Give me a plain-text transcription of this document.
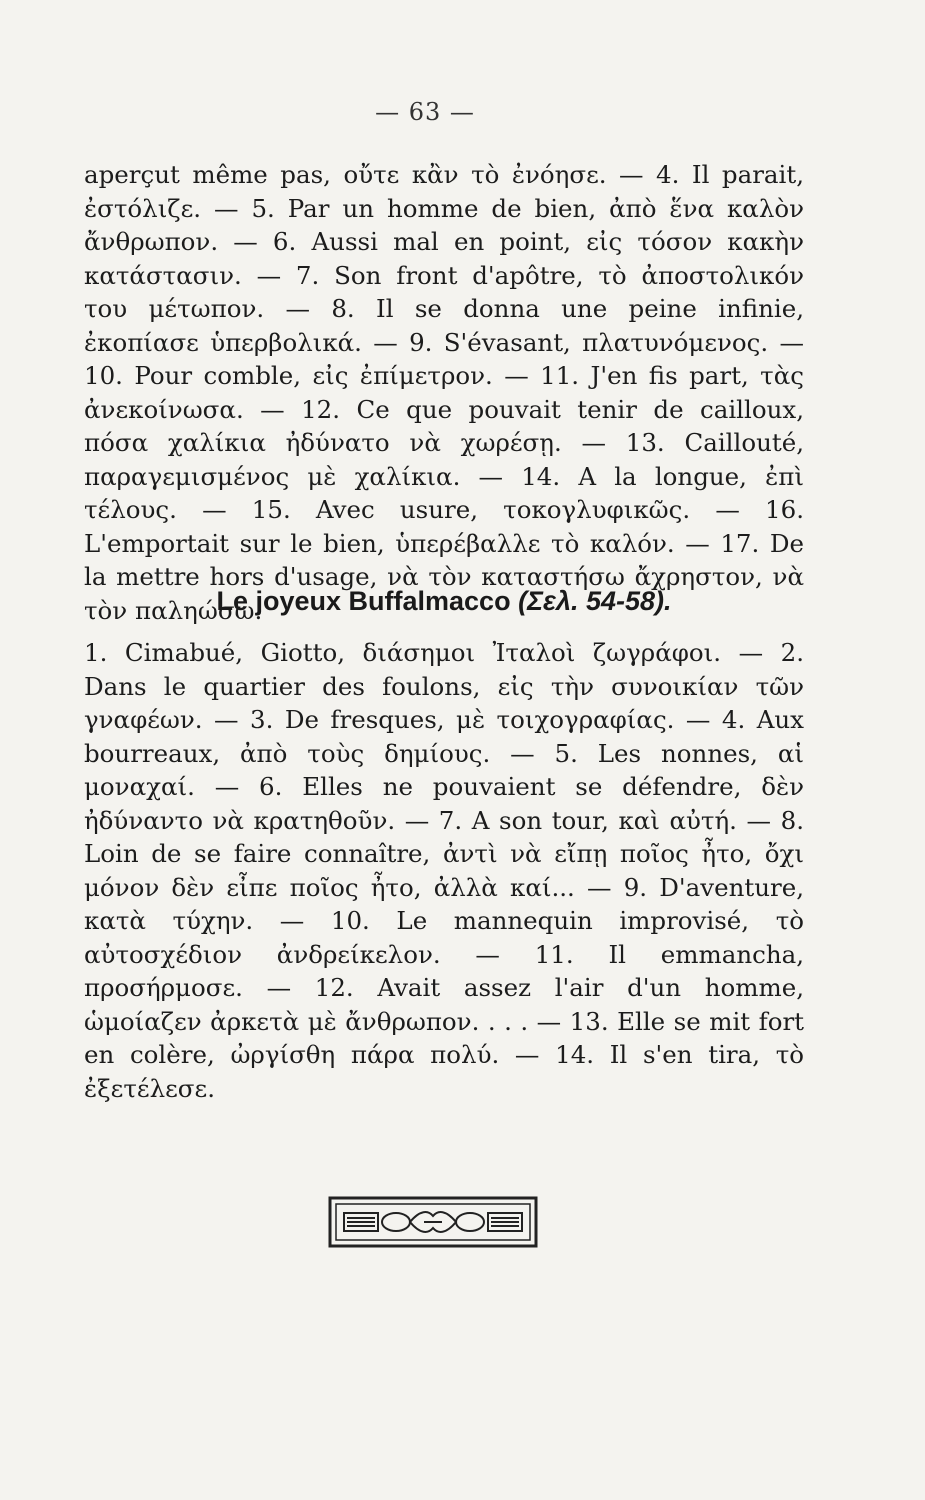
— 63 —

aperçut même pas, οὔτε κἂν τὸ ἐνόησε. — 4. Il parait, ἐστόλιζε. — 5. Par un homme de bien, ἀπὸ ἕνα καλὸν ἄνθρωπον. — 6. Aussi mal en point, εἰς τόσον κακὴν κατάστασιν. — 7. Son front d'apôtre, τὸ ἀποστολικόν του μέτωπον. — 8. Il se donna une peine infinie, ἐκοπίασε ὑπερβολικά. — 9. S'évasant, πλατυνόμενος. — 10. Pour comble, εἰς ἐπίμετρον. — 11. J'en fis part, τὰς ἀνεκοίνωσα. — 12. Ce que pouvait tenir de cailloux, πόσα χαλίκια ἠδύνατο νὰ χωρέσῃ. — 13. Caillouté, παραγεμισμένος μὲ χαλίκια. — 14. A la longue, ἐπὶ τέλους. — 15. Avec usure, τοκογλυφικῶς. — 16. L'emportait sur le bien, ὑπερέβαλλε τὸ καλόν. — 17. De la mettre hors d'usage, νὰ τὸν καταστήσω ἄχρηστον, νὰ τὸν παληώσω.

Le joyeux Buffalmacco (Σελ. 54-58).

1. Cimabué, Giotto, διάσημοι Ἰταλοὶ ζωγράφοι. — 2. Dans le quartier des foulons, εἰς τὴν συνοικίαν τῶν γναφέων. — 3. De fresques, μὲ τοιχογραφίας. — 4. Aux bourreaux, ἀπὸ τοὺς δημίους. — 5. Les nonnes, αἱ μοναχαί. — 6. Elles ne pouvaient se défendre, δὲν ἠδύναντο νὰ κρατηθοῦν. — 7. A son tour, καὶ αὐτή. — 8. Loin de se faire connaître, ἀντὶ νὰ εἴπῃ ποῖος ἦτο, ὄχι μόνον δὲν εἶπε ποῖος ἦτο, ἀλλὰ καί... — 9. D'aventure, κατὰ τύχην. — 10. Le mannequin improvisé, τὸ αὐτοσχέδιον ἀνδρείκελον. — 11. Il emmancha, προσήρμοσε. — 12. Avait assez l'air d'un homme, ὡμοίαζεν ἀρκετὰ μὲ ἄνθρωπον. . . . — 13. Elle se mit fort en colère, ὠργίσθη πάρα πολύ. — 14. Il s'en tira, τὸ ἐξετέλεσε.
